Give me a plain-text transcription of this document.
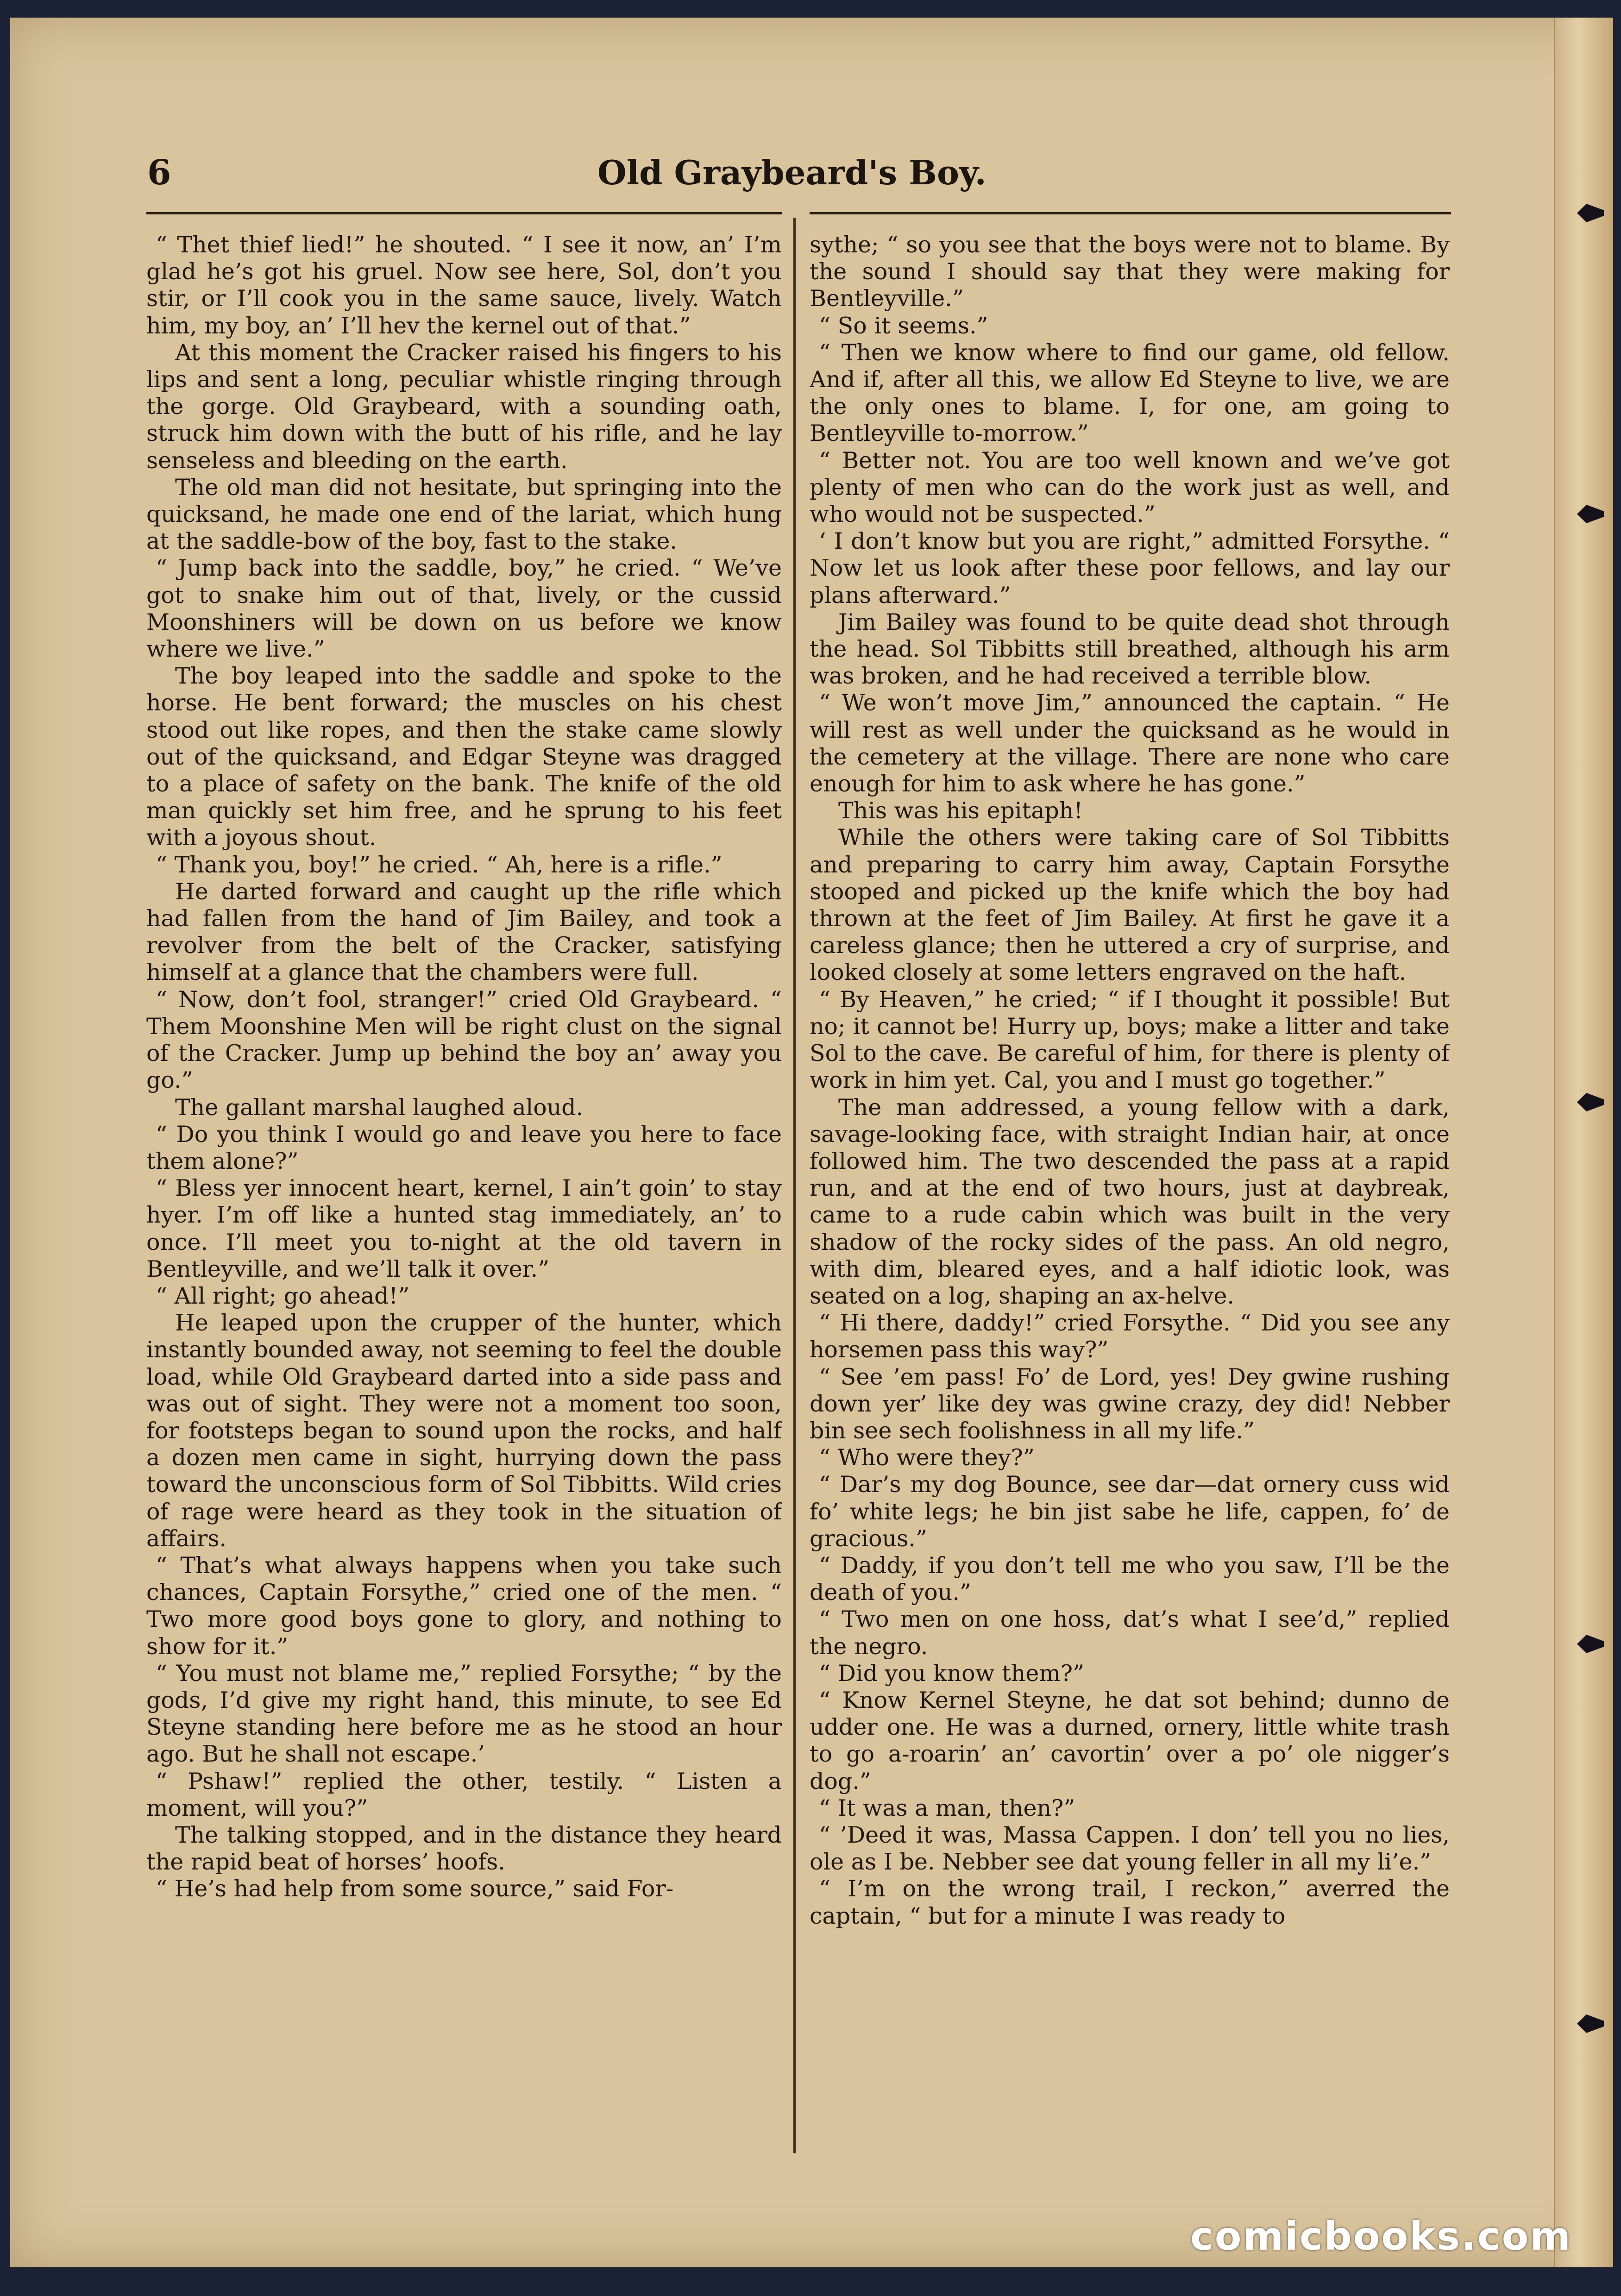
6	Old Graybeard's Boy.

“ Thet thief lied!” he shouted. “ I see it now, an’ I’m glad he’s got his gruel. Now see here, Sol, don’t you stir, or I’ll cook you in the same sauce, lively. Watch him, my boy, an’ I’ll hev the kernel out of that.”

At this moment the Cracker raised his fingers to his lips and sent a long, peculiar whistle ringing through the gorge. Old Graybeard, with a sounding oath, struck him down with the butt of his rifle, and he lay senseless and bleeding on the earth.

The old man did not hesitate, but springing into the quicksand, he made one end of the lariat, which hung at the saddle-bow of the boy, fast to the stake.

“ Jump back into the saddle, boy,” he cried. “ We’ve got to snake him out of that, lively, or the cussid Moonshiners will be down on us before we know where we live.”

The boy leaped into the saddle and spoke to the horse. He bent forward; the muscles on his chest stood out like ropes, and then the stake came slowly out of the quicksand, and Edgar Steyne was dragged to a place of safety on the bank. The knife of the old man quickly set him free, and he sprung to his feet with a joyous shout.

“ Thank you, boy!” he cried. “ Ah, here is a rifle.”

He darted forward and caught up the rifle which had fallen from the hand of Jim Bailey, and took a revolver from the belt of the Cracker, satisfying himself at a glance that the chambers were full.

“ Now, don’t fool, stranger!” cried Old Graybeard. “ Them Moonshine Men will be right clust on the signal of the Cracker. Jump up behind the boy an’ away you go.”

The gallant marshal laughed aloud.

“ Do you think I would go and leave you here to face them alone?”

“ Bless yer innocent heart, kernel, I ain’t goin’ to stay hyer. I’m off like a hunted stag immediately, an’ to once. I’ll meet you to-night at the old tavern in Bentleyville, and we’ll talk it over.”

“ All right; go ahead!”

He leaped upon the crupper of the hunter, which instantly bounded away, not seeming to feel the double load, while Old Graybeard darted into a side pass and was out of sight. They were not a moment too soon, for footsteps began to sound upon the rocks, and half a dozen men came in sight, hurrying down the pass toward the unconscious form of Sol Tibbitts. Wild cries of rage were heard as they took in the situation of affairs.

“ That’s what always happens when you take such chances, Captain Forsythe,” cried one of the men. “ Two more good boys gone to glory, and nothing to show for it.”

“ You must not blame me,” replied Forsythe; “ by the gods, I’d give my right hand, this minute, to see Ed Steyne standing here before me as he stood an hour ago. But he shall not escape.’

“ Pshaw!” replied the other, testily. “ Listen a moment, will you?”

The talking stopped, and in the distance they heard the rapid beat of horses’ hoofs.

“ He’s had help from some source,” said For-

sythe; “ so you see that the boys were not to blame. By the sound I should say that they were making for Bentleyville.”

“ So it seems.”

“ Then we know where to find our game, old fellow. And if, after all this, we allow Ed Steyne to live, we are the only ones to blame. I, for one, am going to Bentleyville to-morrow.”

“ Better not. You are too well known and we’ve got plenty of men who can do the work just as well, and who would not be suspected.”

‘ I don’t know but you are right,” admitted Forsythe. “ Now let us look after these poor fellows, and lay our plans afterward.”

Jim Bailey was found to be quite dead shot through the head. Sol Tibbitts still breathed, although his arm was broken, and he had received a terrible blow.

“ We won’t move Jim,” announced the captain. “ He will rest as well under the quicksand as he would in the cemetery at the village. There are none who care enough for him to ask where he has gone.”

This was his epitaph!

While the others were taking care of Sol Tibbitts and preparing to carry him away, Captain Forsythe stooped and picked up the knife which the boy had thrown at the feet of Jim Bailey. At first he gave it a careless glance; then he uttered a cry of surprise, and looked closely at some letters engraved on the haft.

“ By Heaven,” he cried; “ if I thought it possible! But no; it cannot be! Hurry up, boys; make a litter and take Sol to the cave. Be careful of him, for there is plenty of work in him yet. Cal, you and I must go together.”

The man addressed, a young fellow with a dark, savage-looking face, with straight Indian hair, at once followed him. The two descended the pass at a rapid run, and at the end of two hours, just at daybreak, came to a rude cabin which was built in the very shadow of the rocky sides of the pass. An old negro, with dim, bleared eyes, and a half idiotic look, was seated on a log, shaping an ax-helve.

“ Hi there, daddy!” cried Forsythe. “ Did you see any horsemen pass this way?”

“ See ’em pass! Fo’ de Lord, yes! Dey gwine rushing down yer’ like dey was gwine crazy, dey did! Nebber bin see sech foolishness in all my life.”

“ Who were they?”

“ Dar’s my dog Bounce, see dar—dat ornery cuss wid fo’ white legs; he bin jist sabe he life, cappen, fo’ de gracious.”

“ Daddy, if you don’t tell me who you saw, I’ll be the death of you.”

“ Two men on one hoss, dat’s what I see’d,” replied the negro.

“ Did you know them?”

“ Know Kernel Steyne, he dat sot behind; dunno de udder one. He was a durned, ornery, little white trash to go a-roarin’ an’ cavortin’ over a po’ ole nigger’s dog.”

“ It was a man, then?”

“ ’Deed it was, Massa Cappen. I don’ tell you no lies, ole as I be. Nebber see dat young feller in all my li’e.”

“ I’m on the wrong trail, I reckon,” averred the captain, “ but for a minute I was ready to

comicbooks.com
